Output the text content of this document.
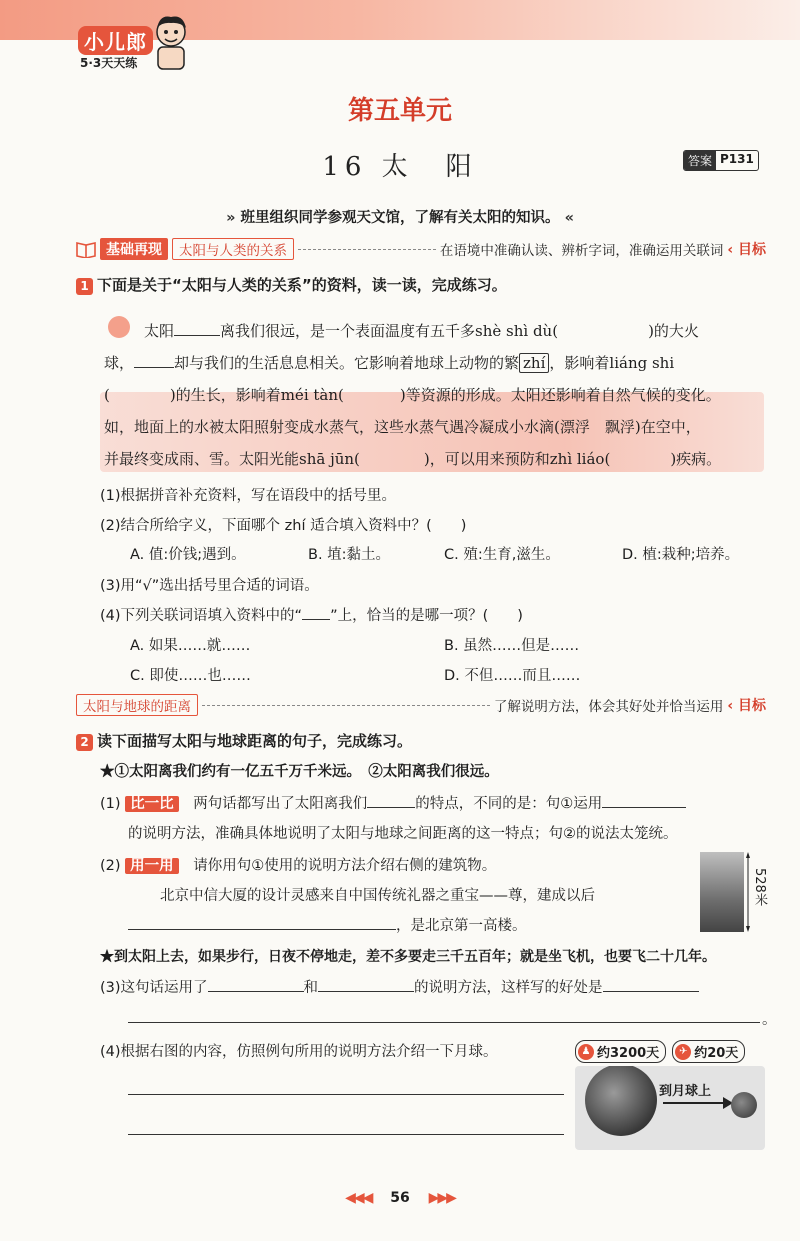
小儿郎
5·3天天练
第五单元
16 太　阳	答案 P131
» 班里组织同学参观天文馆，了解有关太阳的知识。 «
基础再现	太阳与人类的关系	在语境中准确认读、辨析字词，准确运用关联词 ‹ 目标
1 下面是关于“太阳与人类的关系”的资料，读一读，完成练习。
太阳	离我们很远，是一个表面温度有五千多shè shì dù(	)的大火
球，	却与我们的生活息息相关。它影响着地球上动物的繁 zhí ，影响着liáng shi
(	)的生长，影响着méi tàn(	)等资源的形成。太阳还影响着自然气候的变化。
如，地面上的水被太阳照射变成水蒸气，这些水蒸气遇冷凝成小水滴(漂浮　飘浮)在空中，
并最终变成雨、雪。太阳光能shā jūn(	)，可以用来预防和zhì liáo(	)疾病。
(1)根据拼音补充资料，写在语段中的括号里。
(2)结合所给字义，下面哪个 zhí 适合填入资料中？(　　)
A. 值:价钱;遇到。	B. 埴:黏土。	C. 殖:生育,滋生。	D. 植:栽种;培养。
(3)用“√”选出括号里合适的词语。
(4)下列关联词语填入资料中的“ ”上，恰当的是哪一项？(　　)
A. 如果……就……	B. 虽然……但是……
C. 即使……也……	D. 不但……而且……
太阳与地球的距离	了解说明方法，体会其好处并恰当运用 ‹ 目标
2 读下面描写太阳与地球距离的句子，完成练习。
★①太阳离我们约有一亿五千万千米远。　②太阳离我们很远。
(1) 比一比 两句话都写出了太阳离我们	的特点，不同的是：句①运用
的说明方法，准确具体地说明了太阳与地球之间距离的这一特点；句②的说法太笼统。
(2) 用一用 请你用句①使用的说明方法介绍右侧的建筑物。
北京中信大厦的设计灵感来自中国传统礼器之重宝——尊，建成以后
，是北京第一高楼。
528米
★到太阳上去，如果步行，日夜不停地走，差不多要走三千五百年；就是坐飞机，也要飞二十几年。
(3)这句话运用了	和	的说明方法，这样写的好处是
。
(4)根据右图的内容，仿照例句所用的说明方法介绍一下月球。	♟ 约3200天	✈ 约20天
到月球上
◀◀◀ 56 ▶▶▶
